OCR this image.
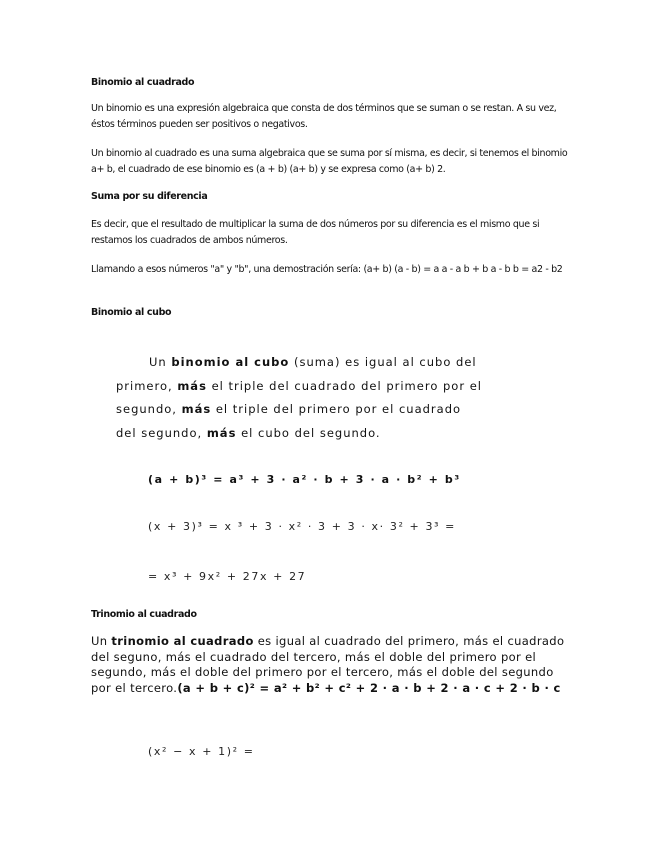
Binomio al cuadrado
Un binomio es una expresión algebraica que consta de dos términos que se suman o se restan. A su vez, éstos términos pueden ser positivos o negativos.
Un binomio al cuadrado es una suma algebraica que se suma por sí misma, es decir, si tenemos el binomio a+ b, el cuadrado de ese binomio es (a + b) (a+ b) y se expresa como (a+ b) 2.
Suma por su diferencia
Es decir, que el resultado de multiplicar la suma de dos números por su diferencia es el mismo que si restamos los cuadrados de ambos números.
Llamando a esos números "a" y "b", una demostración sería: (a+ b) (a - b) = a a - a b + b a - b b = a2 - b2
Binomio al cubo
Un binomio al cubo (suma) es igual al cubo del primero, más el triple del cuadrado del primero por el segundo, más el triple del primero por el cuadrado del segundo, más el cubo del segundo.
(a + b)³ = a³ + 3 · a² · b + 3 · a · b² + b³
(x + 3)³ = x ³ + 3 · x² · 3 + 3 · x· 3² + 3³ =
= x³ + 9x² + 27x + 27
Trinomio al cuadrado
Un trinomio al cuadrado es igual al cuadrado del primero, más el cuadrado del seguno, más el cuadrado del tercero, más el doble del primero por el segundo, más el doble del primero por el tercero, más el doble del segundo por el tercero.(a + b + c)² = a² + b² + c² + 2 · a · b + 2 · a · c + 2 · b · c
(x² − x + 1)² =
